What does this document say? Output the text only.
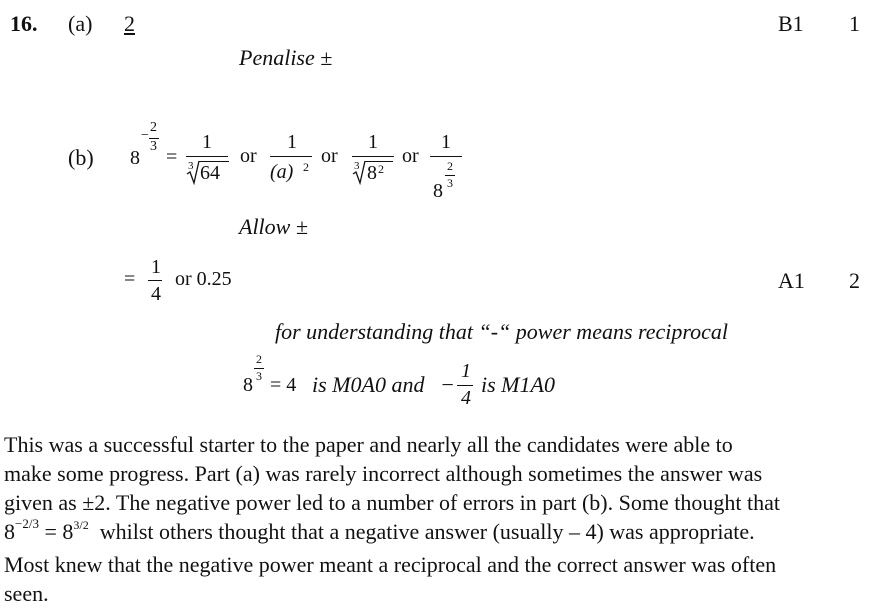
16. (a) 2	B1 1
Penalise ±
(b) 8
−
2
3 =
1
3 64
or
1
(a) 2 or
1
3 8 2
or
1
8
2
3
Allow ±
=
1
4
or 0.25	A1 2
for understanding that “-“ power means reciprocal
8
2
3 = 4 is M0A0 and −
1
4
is M1A0
This was a successful starter to the paper and nearly all the candidates were able to
make some progress. Part (a) was rarely incorrect although sometimes the answer was
given as ±2. The negative power led to a number of errors in part (b). Some thought that
$8^{-2/3} = 8^{3/2}$ whilst others thought that a negative answer (usually – 4) was appropriate.
Most knew that the negative power meant a reciprocal and the correct answer was often
seen.
